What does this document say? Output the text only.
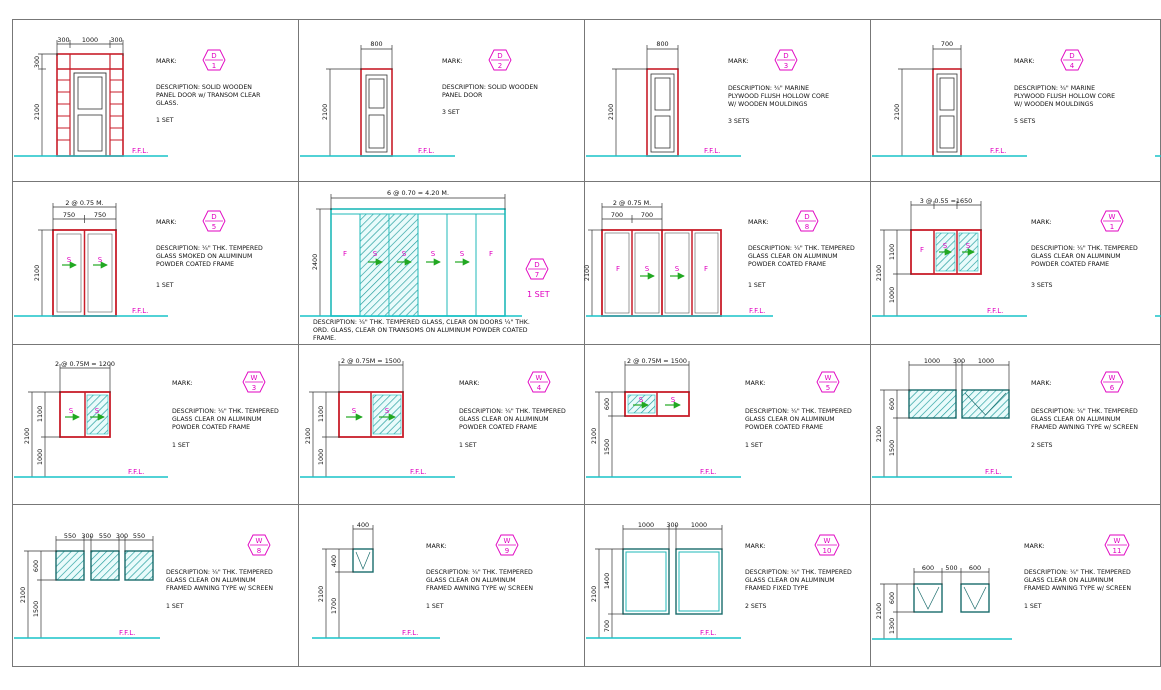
300 1000 300
300
2100
F.F.L.
MARK:
D
1
DESCRIPTION: SOLID WOODEN
PANEL DOOR w/ TRANSOM CLEAR
GLASS.
1 SET
800
2100
F.F.L.
MARK:
D
2
DESCRIPTION: SOLID WOODEN
PANEL DOOR
3 SET
800
2100
F.F.L.
MARK:
D
3
DESCRIPTION: ¾" MARINE
PLYWOOD FLUSH HOLLOW CORE
W/ WOODEN MOULDINGS
3 SETS
700
2100
F.F.L.
MARK:
D
4
DESCRIPTION: ¾" MARINE
PLYWOOD FLUSH HOLLOW CORE
W/ WOODEN MOULDINGS
5 SETS
S	S
2 @ 0.75 M.
750	750
2100
F.F.L.
MARK:
D
5
DESCRIPTION: ¼" THK. TEMPERED
GLASS SMOKED ON ALUMINUM
POWDER COATED FRAME
1 SET
F	S	S	S	S	F
6 @ 0.70 = 4.20 M.
2400	D
7
1 SET
DESCRIPTION: ¼" THK. TEMPERED GLASS, CLEAR ON DOORS ¼" THK.
ORD. GLASS, CLEAR ON TRANSOMS ON ALUMINUM POWDER COATED
FRAME.
F	S	S	F
2 @ 0.75 M.
700	700
2100
F.F.L.
MARK:
D
8
DESCRIPTION: ¼" THK. TEMPERED
GLASS CLEAR ON ALUMINUM
POWDER COATED FRAME
1 SET
F	S	S
3 @ 0.55 =1650
2100
1100
1000
F.F.L.
MARK:
W
1
DESCRIPTION: ¼" THK. TEMPERED
GLASS CLEAR ON ALUMINUM
POWDER COATED FRAME
3 SETS
S	S
2 @ 0.75M = 1200
2100
1100
1000
F.F.L.
MARK:
W
3
DESCRIPTION: ¼" THK. TEMPERED
GLASS CLEAR ON ALUMINUM
POWDER COATED FRAME
1 SET
S	S
2 @ 0.75M = 1500
2100
1100
1000
F.F.L.
MARK:
W
4
DESCRIPTION: ¼" THK. TEMPERED
GLASS CLEAR ON ALUMINUM
POWDER COATED FRAME
1 SET
S	S
2 @ 0.75M = 1500
2100
600
1500
F.F.L.
MARK:
W
5
DESCRIPTION: ¼" THK. TEMPERED
GLASS CLEAR ON ALUMINUM
POWDER COATED FRAME
1 SET
1000 300 1000
2100
600
1500
F.F.L.
MARK:
W
6
DESCRIPTION: ¼" THK. TEMPERED
GLASS CLEAR ON ALUMINUM
FRAMED AWNING TYPE w/ SCREEN
2 SETS
550 300 550 300 550
2100
600
1500
F.F.L.
W
8
DESCRIPTION: ¼" THK. TEMPERED
GLASS CLEAR ON ALUMINUM
FRAMED AWNING TYPE w/ SCREEN
1 SET
400
2100
400
1700
F.F.L.
MARK:
W
9
DESCRIPTION: ¼" THK. TEMPERED
GLASS CLEAR ON ALUMINUM
FRAMED AWNING TYPE w/ SCREEN
1 SET
1000 300 1000
2100
1400
700
F.F.L.
MARK:
W
10
DESCRIPTION: ¼" THK. TEMPERED
GLASS CLEAR ON ALUMINUM
FRAMED FIXED TYPE
2 SETS
600 500 600
2100
600
1300
MARK:
W
11
DESCRIPTION: ¼" THK. TEMPERED
GLASS CLEAR ON ALUMINUM
FRAMED AWNING TYPE w/ SCREEN
1 SET
